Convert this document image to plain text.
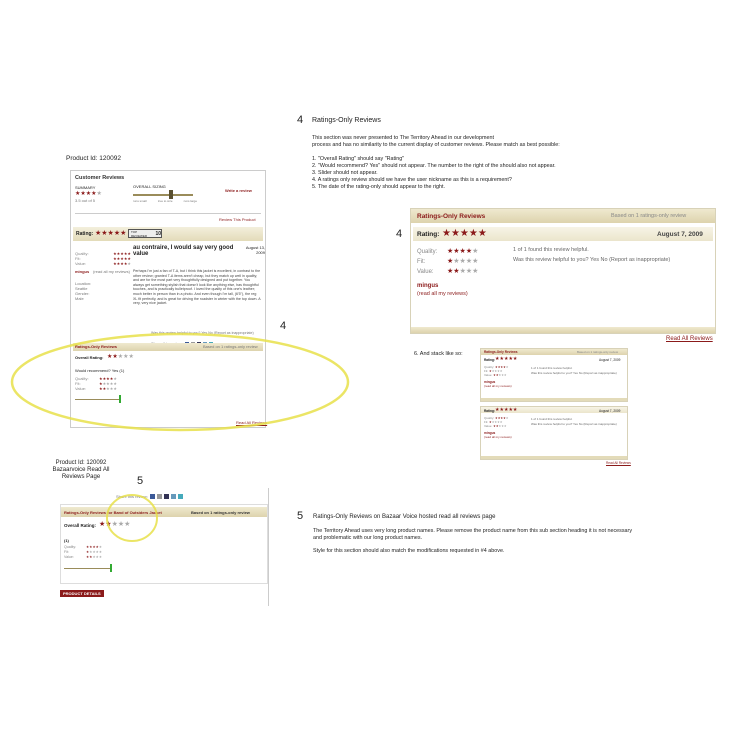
Product Id: 120092
Customer Reviews
SUMMARY
★★★★★
3.5 out of 5
OVERALL SIZING
runs small	true to size	runs large
Write a review
Review This Product
Rating: ★★★★★	TOP REVIEWER	10
au contraire, I would say very good value
August 13, 2009
Quality:	★★★★★
Fit:	★★★★★
Value:	★★★★★
mingus (read all my reviews)
Location:
Seattle
Gender:
Male
Perhaps I'm just a fan of T-A, but I think this jacket is excellent, in contrast to the other review; granted T-A items aren't cheap, but they match up well in quality; and are for the most part very thoughtfully designed and put together. You always get something stylish that doesn't look like anything else, has thoughtful touches, and is practically bulletproof. I loved the quality of this one's leather; much better in person than in a photo. And even though I'm tall, (6'5"), the reg XL fit perfectly, and is great for driving the roadster in winter with the top down. A very, very nice jacket.
Was this review helpful to you? Yes No (Report as inappropriate)
Ratings-Only Reviews	Based on 1 ratings-only review
Overall Rating: ★★★★★
Would recommend? Yes (1)
Quality:	★★★★★
Fit:	★★★★★
Value:	★★★★★
Read All Reviews
4
4 Ratings-Only Reviews
This section was never presented to The Territory Ahead in our development
process and has no similarity to the current display of customer reviews. Please match as best possible:
1. "Overall Rating" should say "Rating"
2. "Would recommend? Yes" should not appear. The number to the right of the should also not appear.
3. Slider should not appear.
4. A ratings only review should we have the user nickname as this is a requirement?
5. The date of the rating-only should appear to the right.
4
Ratings-Only Reviews	Based on 1 ratings-only review
Rating: ★★★★★	August 7, 2009
Quality:	★★★★★
Fit:	★★★★★
Value:	★★★★★
1 of 1 found this review helpful.
Was this review helpful to you? Yes No (Report as inappropriate)
mingus
(read all my reviews)
Read All Reviews
6. And stack like so:	Ratings-Only Reviews	Based on 1 ratings-only review
Rating: ★★★★★	August 7, 2009
Quality: ★★★★★
Fit: ★★★★★
Value: ★★★★★
1 of 1 found this review helpful.
Was this review helpful to you? Yes No (Report as inappropriate)
mingus
(read all my reviews)
Rating: ★★★★★	August 7, 2009
Quality: ★★★★★
Fit: ★★★★★
Value: ★★★★★
1 of 1 found this review helpful.
Was this review helpful to you? Yes No (Report as inappropriate)
mingus
(read all my reviews)
Read All Reviews
Product Id: 120092
Bazaarvoice Read All
Reviews Page	5
Share this review:
Ratings-Only Reviews for Band of Outsiders Jacket	Based on 1 ratings-only review
Overall Rating: ★★★★★
(1)
Quality:	★★★★★
Fit:	★★★★★
Value:	★★★★★
PRODUCT DETAILS
5 Ratings-Only Reviews on Bazaar Voice hosted read all reviews page
The Territory Ahead uses very long product names. Please remove the product name from this sub section heading it is not necessary
and problematic with our long product names.
Style for this section should also match the modifications requested in #4 above.
